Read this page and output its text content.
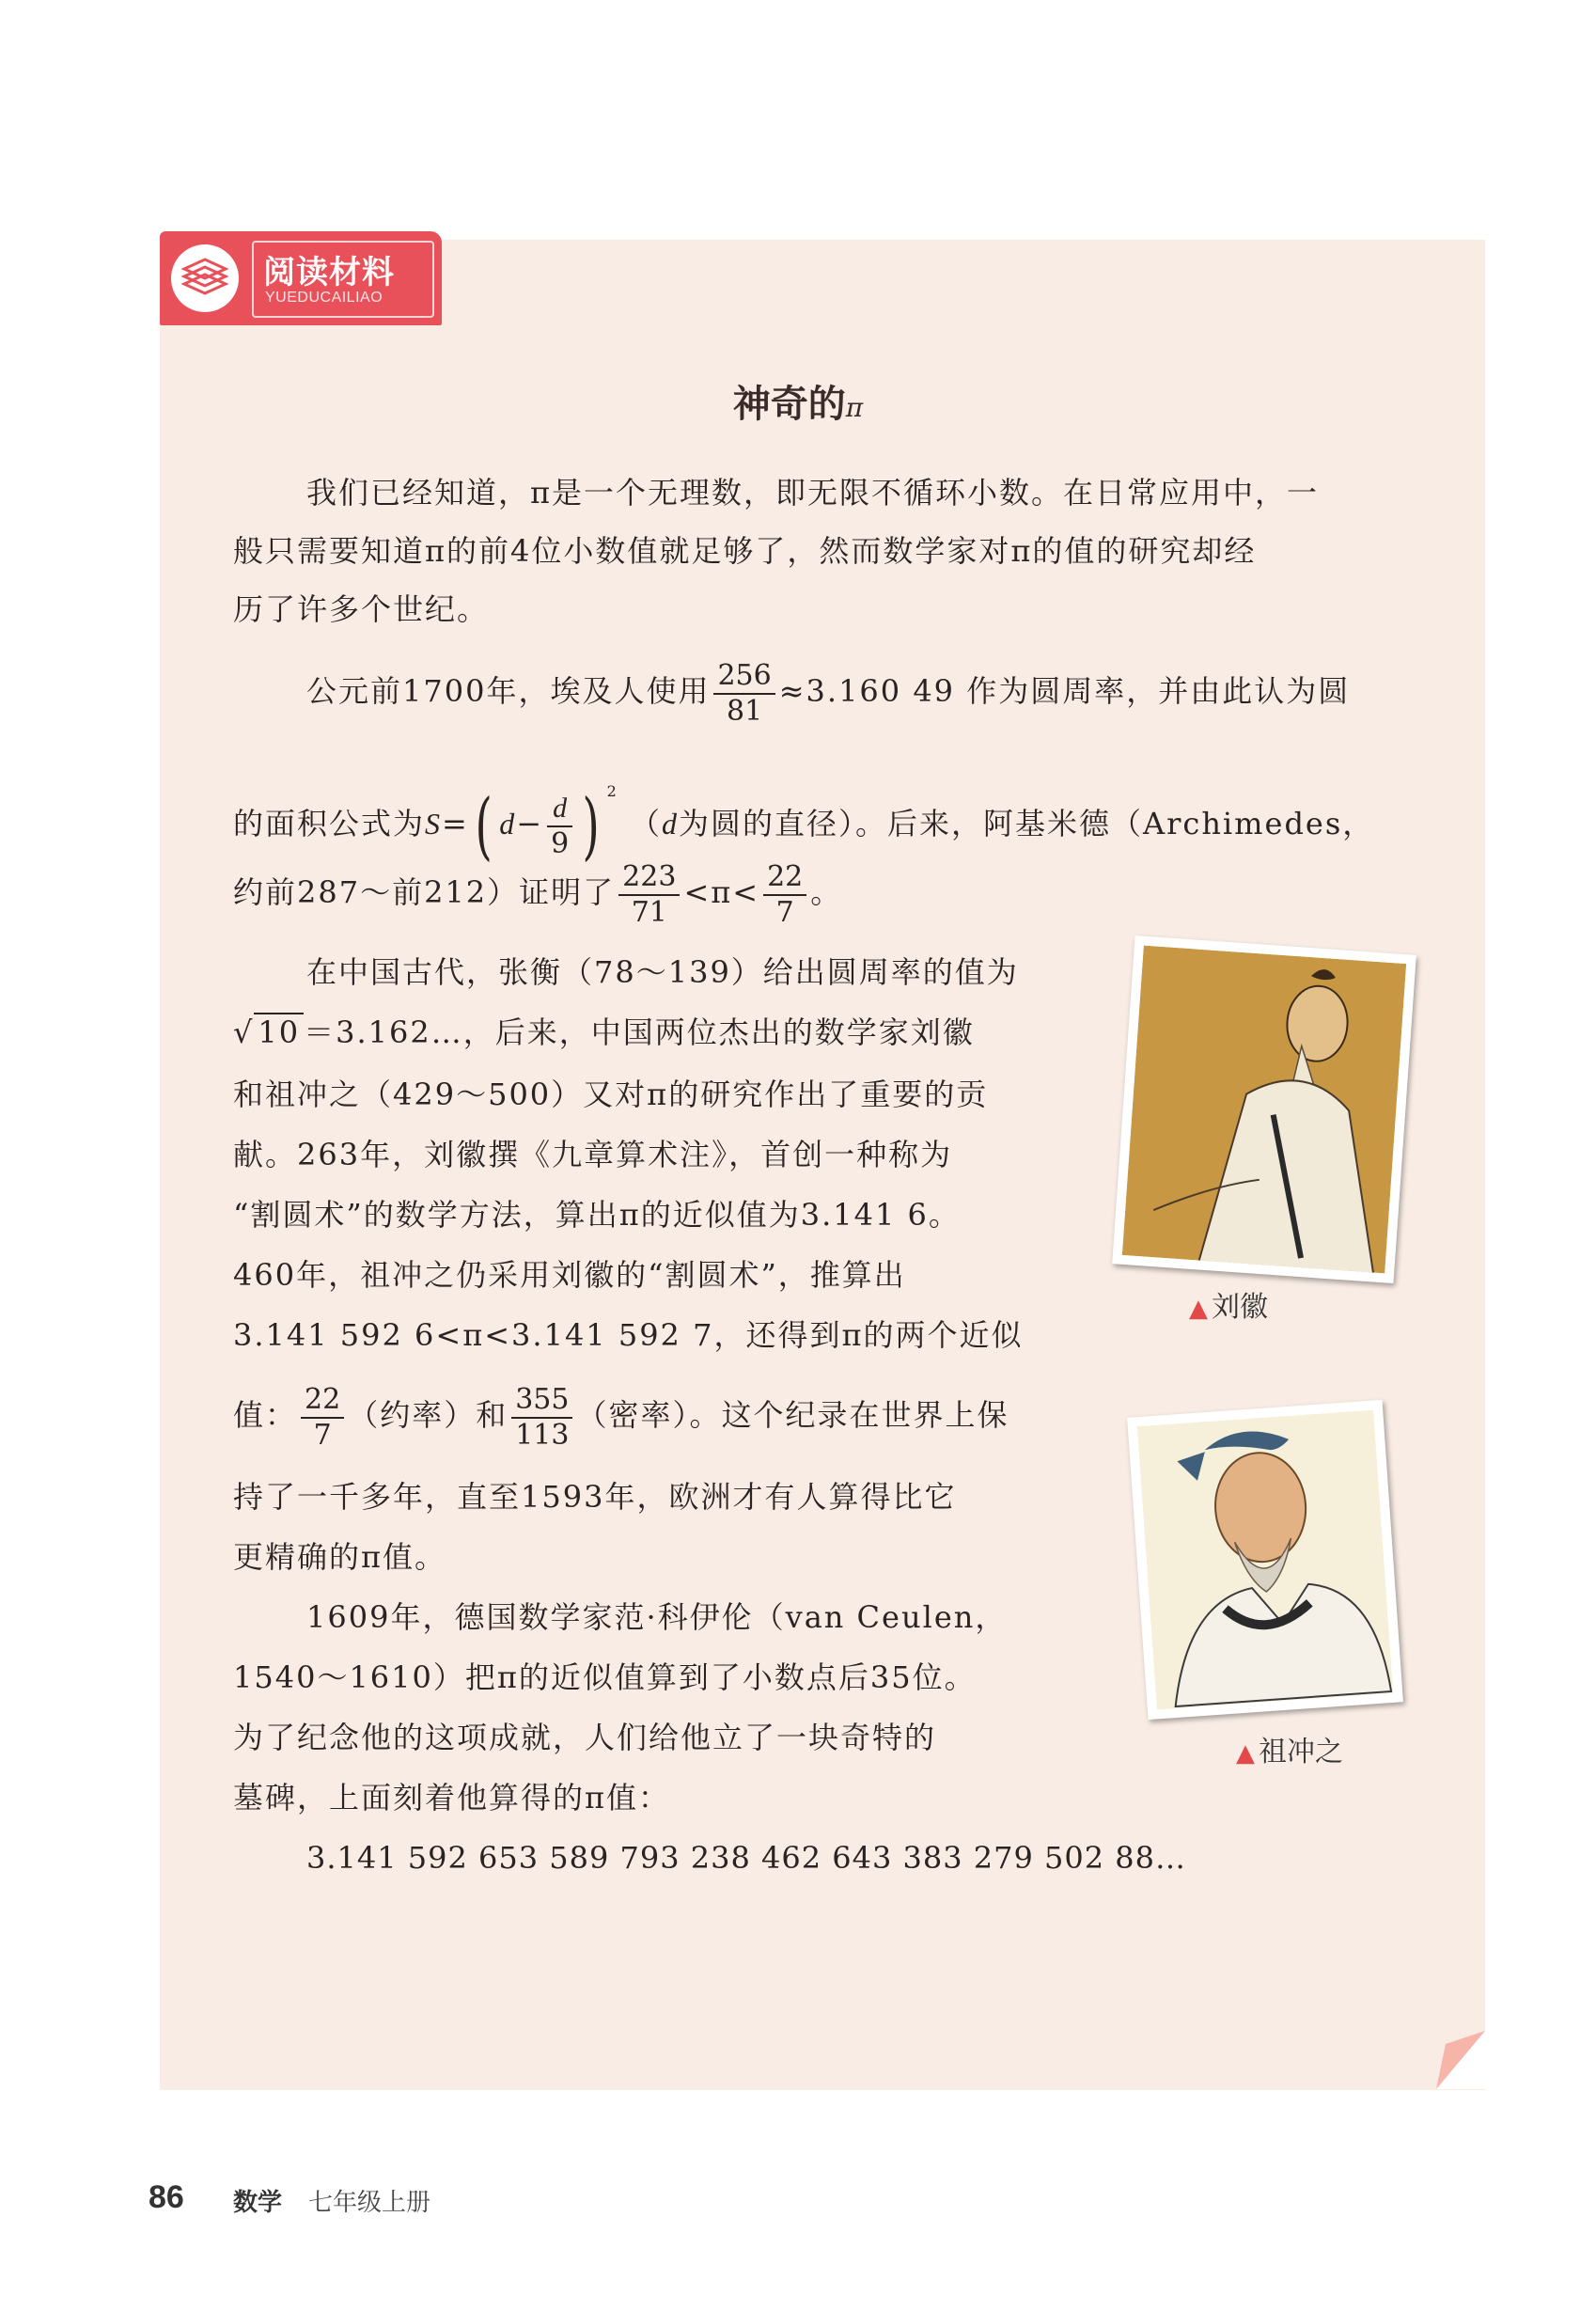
阅读材料
YUEDUCAILIAO
神奇的π
我们已经知道，π是一个无理数，即无限不循环小数。在日常应用中，一
般只需要知道π的前4位小数值就足够了，然而数学家对π的值的研究却经
历了许多个世纪。
公元前1700年，埃及人使用 $\frac{256}{81} \approx 3.160$ 49 作为圆周率，并由此认为圆
的面积公式为S=( $d- \frac{d}{9}$ ) $^2$ （d为圆的直径）。后来，阿基米德（Archimedes，
约前287～前212）证明了 $\frac{223}{71} <\pi< \frac{22}{7}$ 。
在中国古代，张衡（78～139）给出圆周率的值为
√ 10 ＝3.162…，后来，中国两位杰出的数学家刘徽
和祖冲之（429～500）又对π的研究作出了重要的贡
献。263年，刘徽撰《九章算术注》，首创一种称为
“割圆术”的数学方法，算出π的近似值为3.141 6。
460年，祖冲之仍采用刘徽的“割圆术”，推算出
3.141 592 6<π<3.141 592 7，还得到π的两个近似
值： $\frac{22}{7}$ （约率）和 $\frac{355}{113}$ （密率）。这个纪录在世界上保
持了一千多年，直至1593年，欧洲才有人算得比它
更精确的π值。
1609年，德国数学家范·科伊伦（van Ceulen，
1540～1610）把π的近似值算到了小数点后35位。
为了纪念他的这项成就，人们给他立了一块奇特的
墓碑，上面刻着他算得的π值：
3.141 592 653 589 793 238 462 643 383 279 502 88…
▲ 刘徽
▲ 祖冲之
86 数学 七年级上册
